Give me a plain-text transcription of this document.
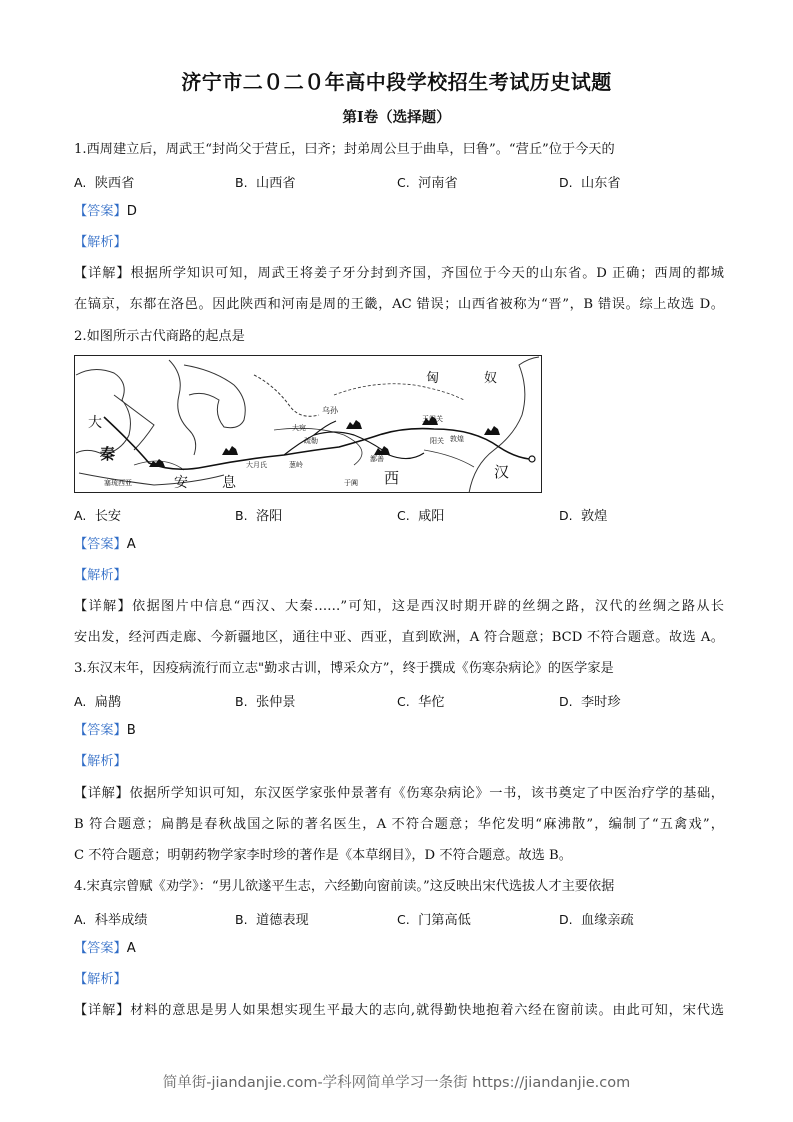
济宁市二０二０年高中段学校招生考试历史试题
第Ⅰ卷（选择题）
1.西周建立后，周武王“封尚父于营丘，曰齐；封弟周公旦于曲阜，曰鲁”。“营丘”位于今天的
A. 陕西省	B. 山西省	C. 河南省	D. 山东省
【答案】D
【解析】
【详解】根据所学知识可知，周武王将姜子牙分封到齐国，齐国位于今天的山东省。D 正确；西周的都城
在镐京，东都在洛邑。因此陕西和河南是周的王畿，AC 错误；山西省被称为“晋”，B 错误。综上故选 D。
2.如图所示古代商路的起点是
匈	奴
大
秦
安 息	西	汉
大宛
疏勒
大月氏	葱岭
于阗
鄯善
玉门关
阳关 敦煌
乌孙
塞琉西亚
A. 长安	B. 洛阳	C. 咸阳	D. 敦煌
【答案】A
【解析】
【详解】依据图片中信息“西汉、大秦……”可知，这是西汉时期开辟的丝绸之路，汉代的丝绸之路从长
安出发，经河西走廊、今新疆地区，通往中亚、西亚，直到欧洲，A 符合题意；BCD 不符合题意。故选 A。
3.东汉末年，因疫病流行而立志"勤求古训，博采众方”，终于撰成《伤寒杂病论》的医学家是
A. 扁鹊	B. 张仲景	C. 华佗	D. 李时珍
【答案】B
【解析】
【详解】依据所学知识可知，东汉医学家张仲景著有《伤寒杂病论》一书，该书奠定了中医治疗学的基础，
B 符合题意；扁鹊是春秋战国之际的著名医生，A 不符合题意；华佗发明“麻沸散”，编制了“五禽戏”，
C 不符合题意；明朝药物学家李时珍的著作是《本草纲目》，D 不符合题意。故选 B。
4.宋真宗曾赋《劝学》：“男儿欲遂平生志，六经勤向窗前读。”这反映出宋代选拔人才主要依据
A. 科举成绩	B. 道德表现	C. 门第高低	D. 血缘亲疏
【答案】A
【解析】
【详解】材料的意思是男人如果想实现生平最大的志向,就得勤快地抱着六经在窗前读。由此可知，宋代选
简单街-jiandanjie.com-学科网简单学习一条街 https://jiandanjie.com
